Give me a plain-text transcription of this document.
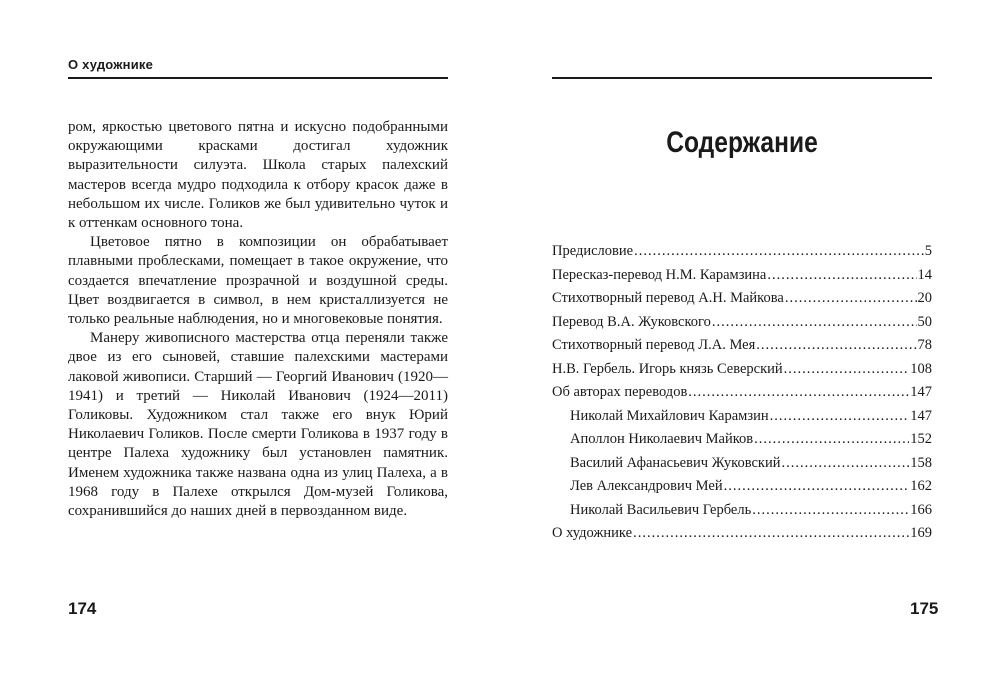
О художнике

ром, яркостью цветового пятна и искусно подобранными окружающими красками достигал художник выразительности силуэта. Школа старых палехский мастеров всегда мудро подходила к отбору красок даже в небольшом их числе. Голиков же был удивительно чуток и к оттенкам основного тона.

Цветовое пятно в композиции он обрабатывает плавными проблесками, помещает в такое окружение, что создается впечатление прозрачной и воздушной среды. Цвет воздвигается в символ, в нем кристаллизуется не только реальные наблюдения, но и многовековые понятия.

Манеру живописного мастерства отца переняли также двое из его сыновей, ставшие палехскими мастерами лаковой живописи. Старший — Георгий Иванович (1920—1941) и третий — Николай Иванович (1924—2011) Голиковы. Художником стал также его внук Юрий Николаевич Голиков. После смерти Голикова в 1937 году в центре Палеха художнику был установлен памятник. Именем художника также названа одна из улиц Палеха, а в 1968 году в Палехе открылся Дом-музей Голикова, сохранившийся до наших дней в первозданном виде.

174
Содержание
Предисловие .....	5
Пересказ-перевод Н.М. Карамзина .....	14
Стихотворный перевод А.Н. Майкова .....	20
Перевод В.А. Жуковского .....	50
Стихотворный перевод Л.А. Мея .....	78
Н.В. Гербель. Игорь князь Северский .....	108
Об авторах переводов .....	147
Николай Михайлович Карамзин .....	147
Аполлон Николаевич Майков .....	152
Василий Афанасьевич Жуковский .....	158
Лев Александрович Мей .....	162
Николай Васильевич Гербель .....	166
О художнике .....	169
175
